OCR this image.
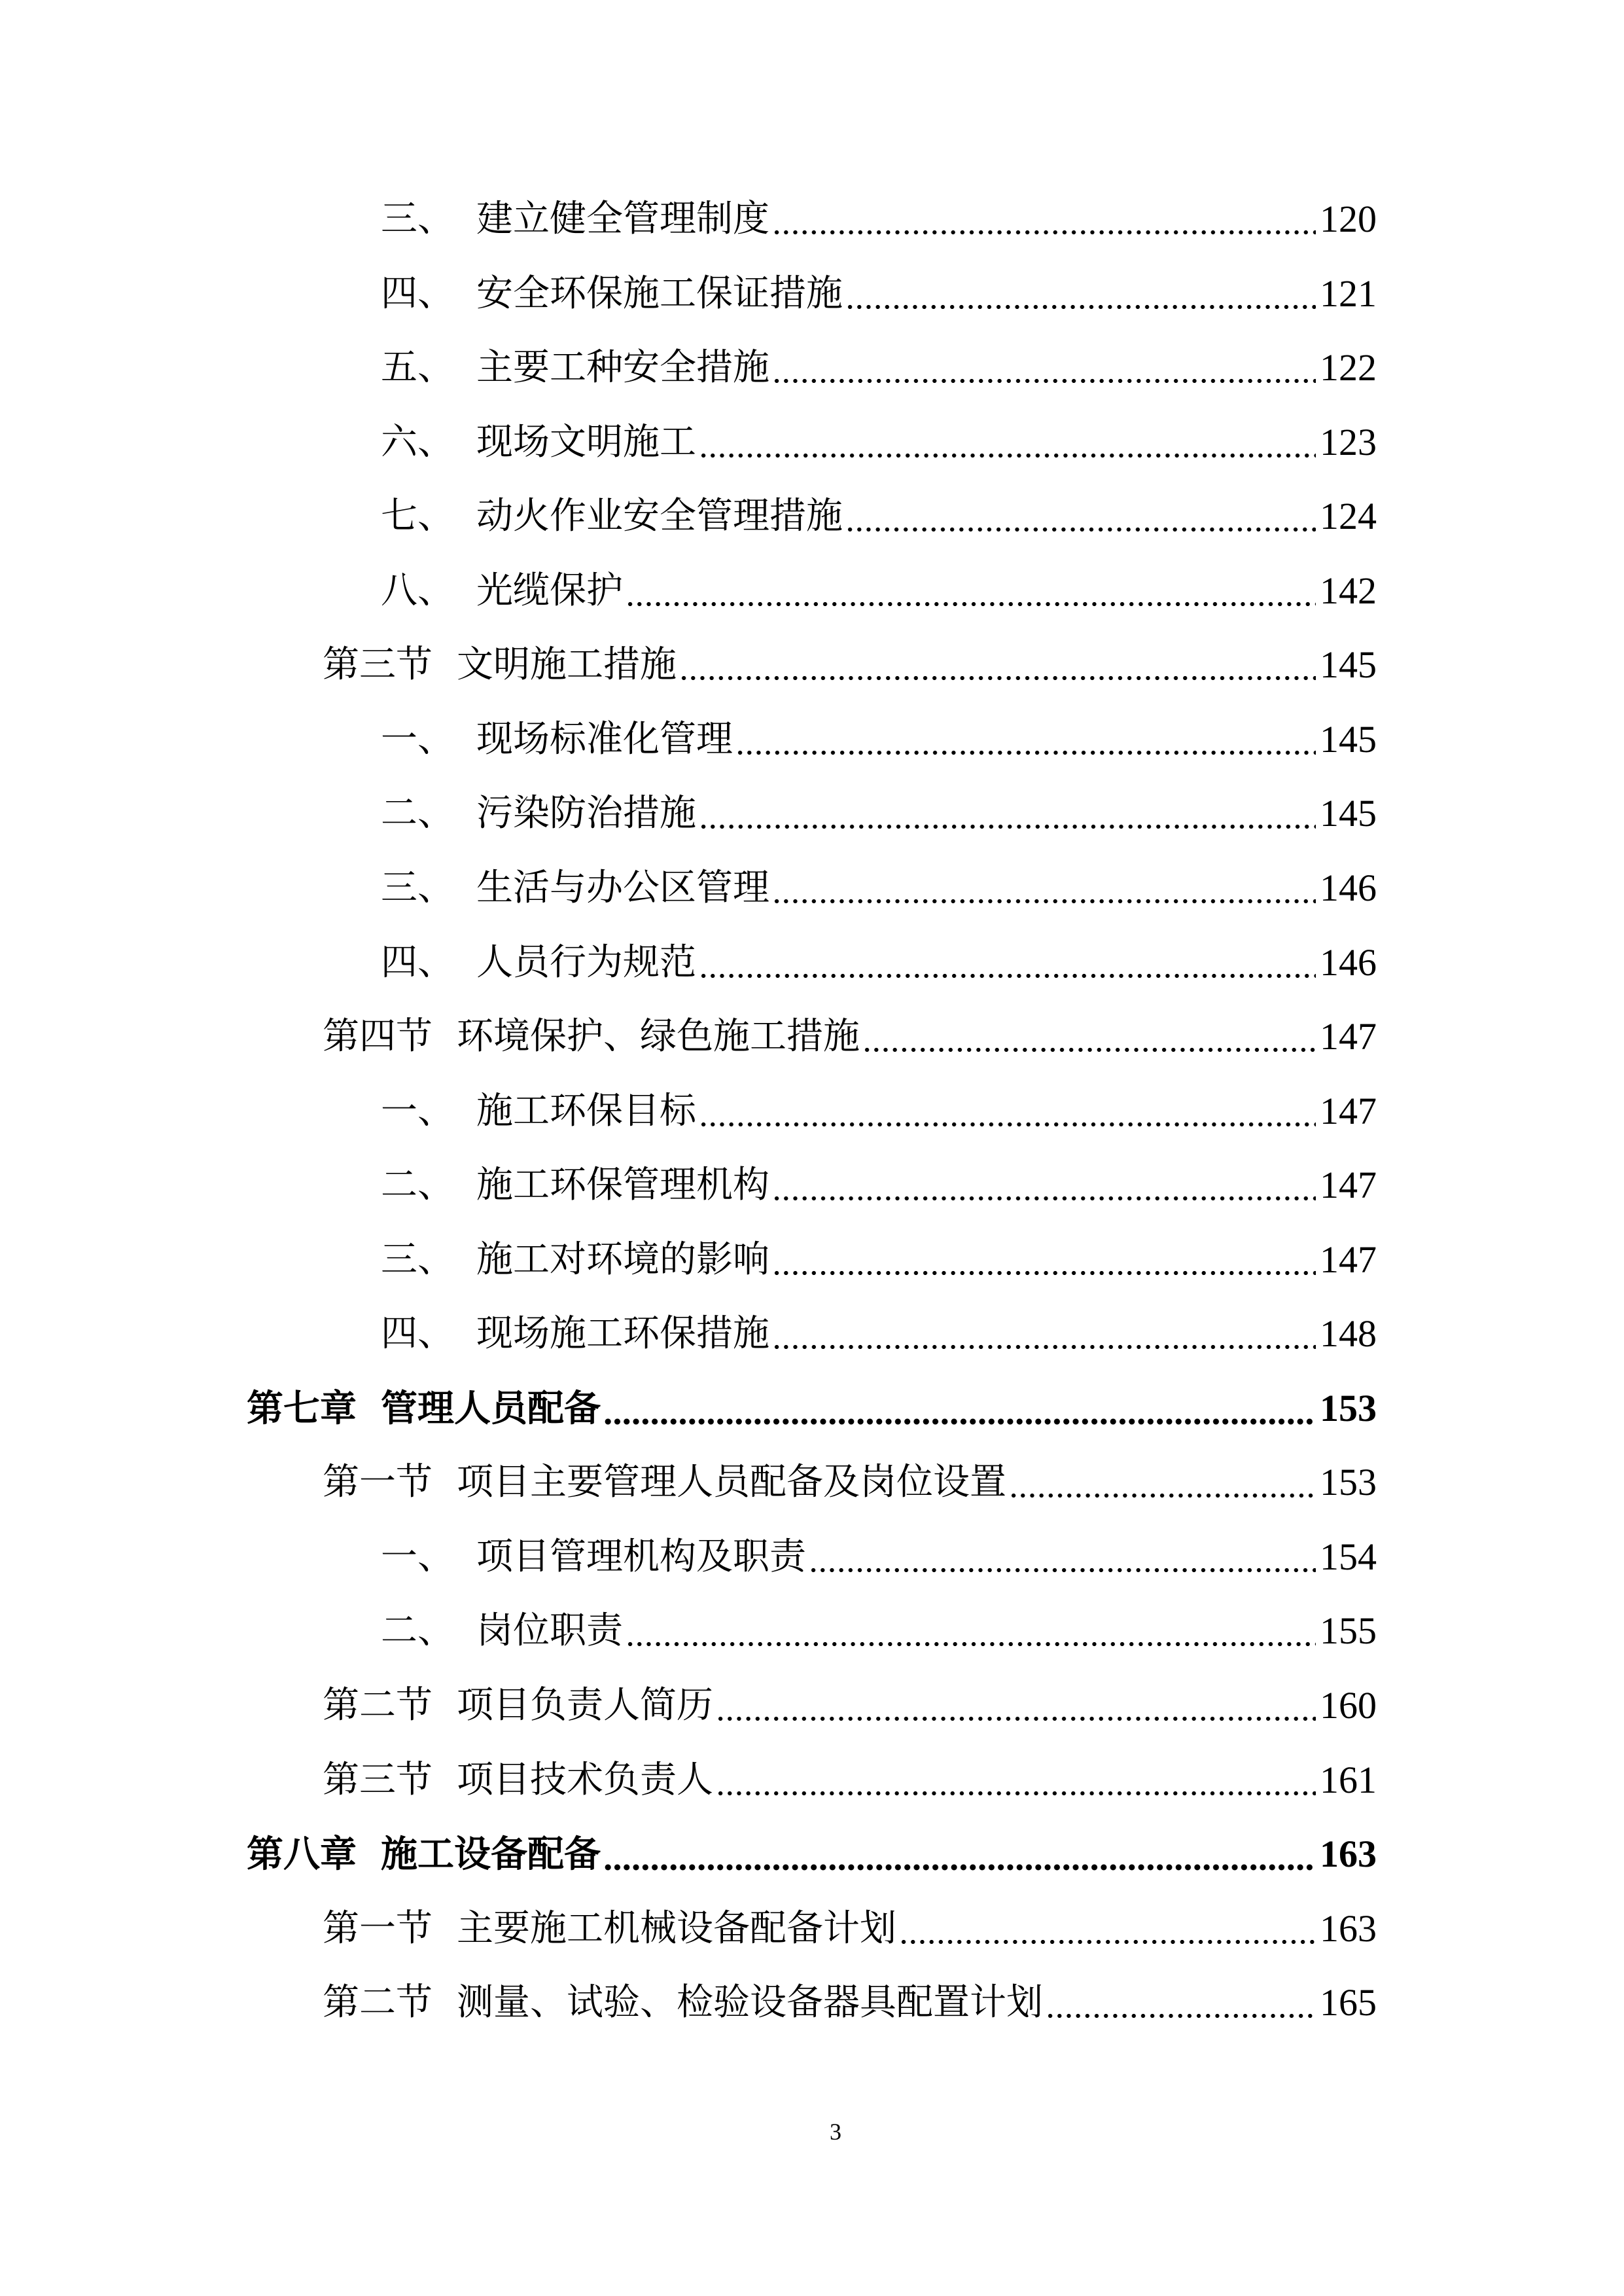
三、 建立健全管理制度	120
四、 安全环保施工保证措施	121
五、 主要工种安全措施	122
六、 现场文明施工	123
七、 动火作业安全管理措施	124
八、 光缆保护	142
第三节 文明施工措施	145
一、 现场标准化管理	145
二、 污染防治措施	145
三、 生活与办公区管理	146
四、 人员行为规范	146
第四节 环境保护、绿色施工措施	147
一、 施工环保目标	147
二、 施工环保管理机构	147
三、 施工对环境的影响	147
四、 现场施工环保措施	148
第七章 管理人员配备	153
第一节 项目主要管理人员配备及岗位设置	153
一、 项目管理机构及职责	154
二、 岗位职责	155
第二节 项目负责人简历	160
第三节 项目技术负责人	161
第八章 施工设备配备	163
第一节 主要施工机械设备配备计划	163
第二节 测量、试验、检验设备器具配置计划	165
3
